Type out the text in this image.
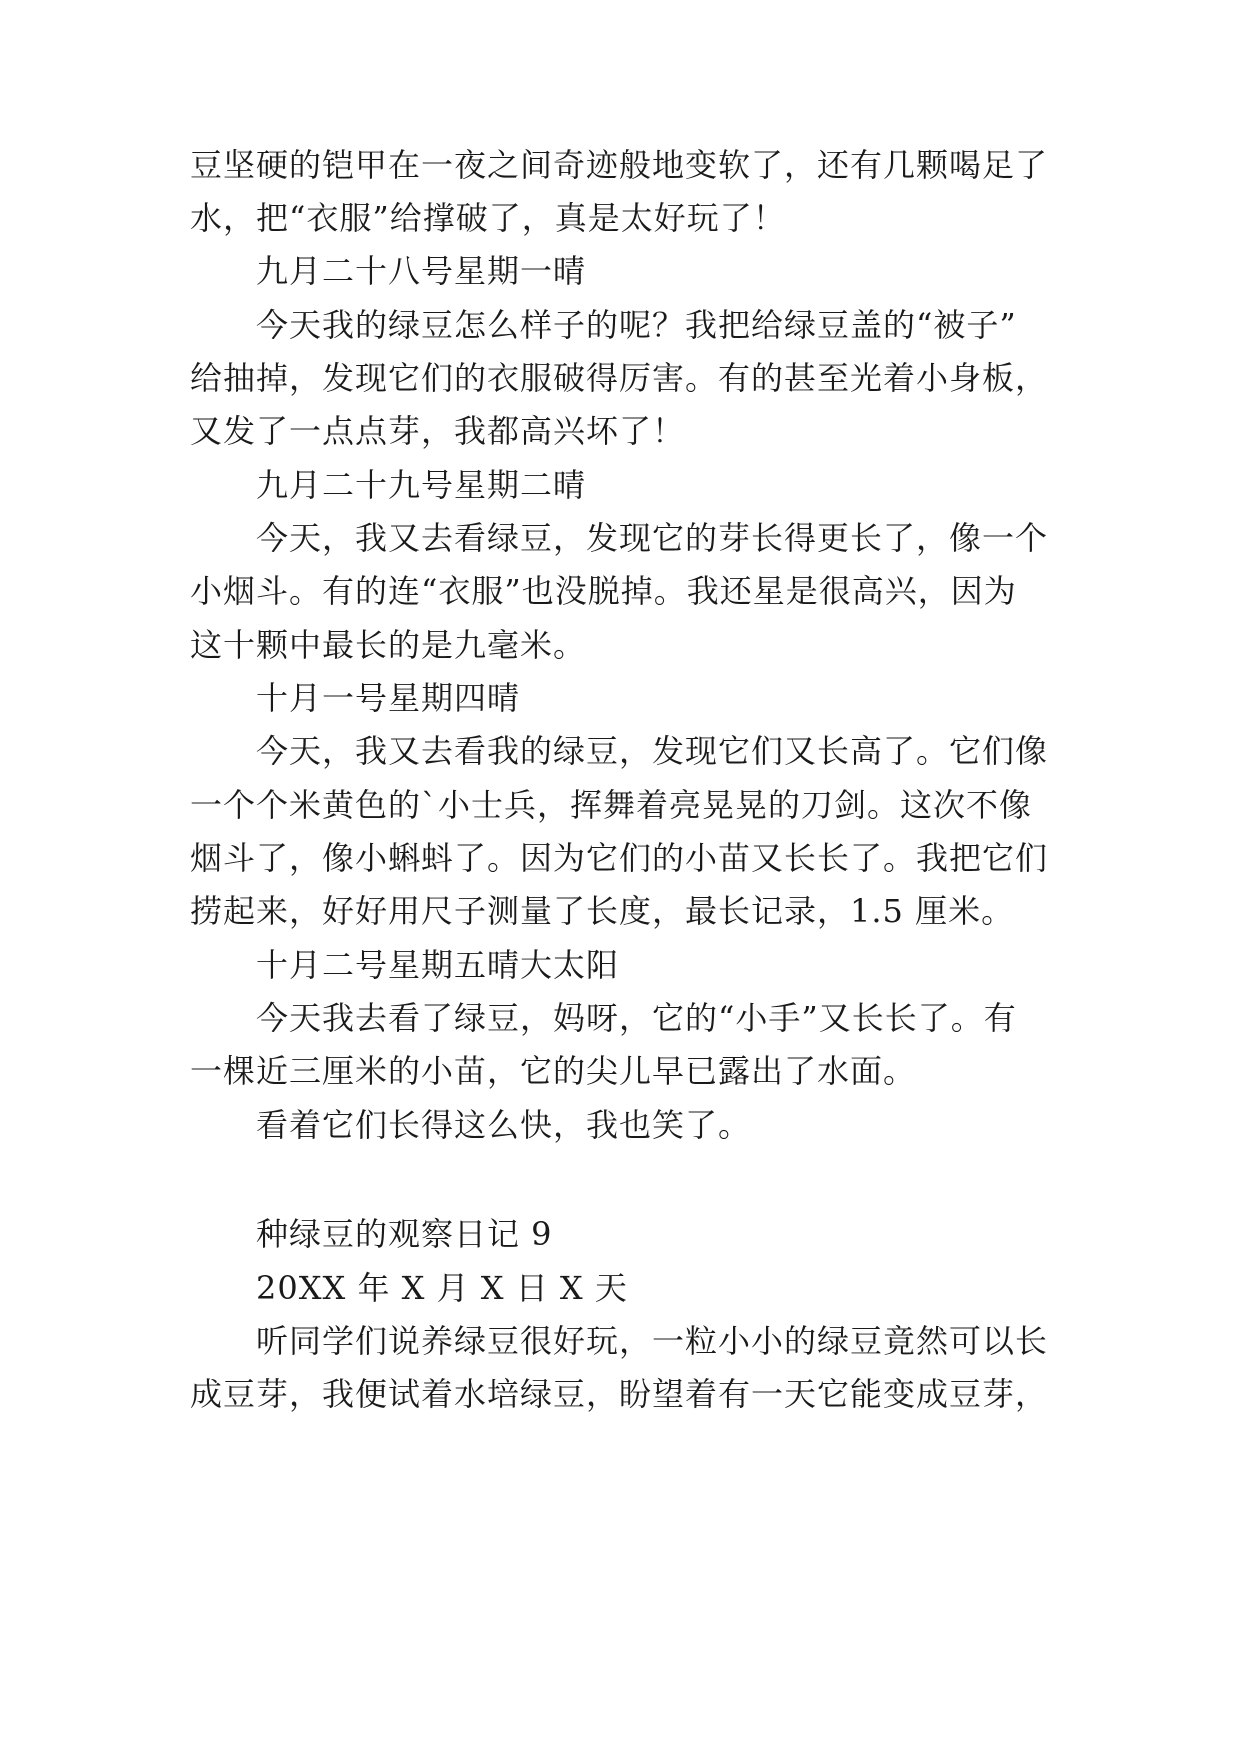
豆坚硬的铠甲在一夜之间奇迹般地变软了，还有几颗喝足了
水，把“衣服”给撑破了，真是太好玩了！
九月二十八号星期一晴
今天我的绿豆怎么样子的呢？我把给绿豆盖的“被子”
给抽掉，发现它们的衣服破得厉害。有的甚至光着小身板，
又发了一点点芽，我都高兴坏了！
九月二十九号星期二晴
今天，我又去看绿豆，发现它的芽长得更长了，像一个
小烟斗。有的连“衣服”也没脱掉。我还星是很高兴，因为
这十颗中最长的是九毫米。
十月一号星期四晴
今天，我又去看我的绿豆，发现它们又长高了。它们像
一个个米黄色的`小士兵，挥舞着亮晃晃的刀剑。这次不像
烟斗了，像小蝌蚪了。因为它们的小苗又长长了。我把它们
捞起来，好好用尺子测量了长度，最长记录，1.5 厘米。
十月二号星期五晴大太阳
今天我去看了绿豆，妈呀，它的“小手”又长长了。有
一棵近三厘米的小苗，它的尖儿早已露出了水面。
看着它们长得这么快，我也笑了。
种绿豆的观察日记 9
20XX 年 X 月 X 日 X 天
听同学们说养绿豆很好玩，一粒小小的绿豆竟然可以长
成豆芽，我便试着水培绿豆，盼望着有一天它能变成豆芽，
